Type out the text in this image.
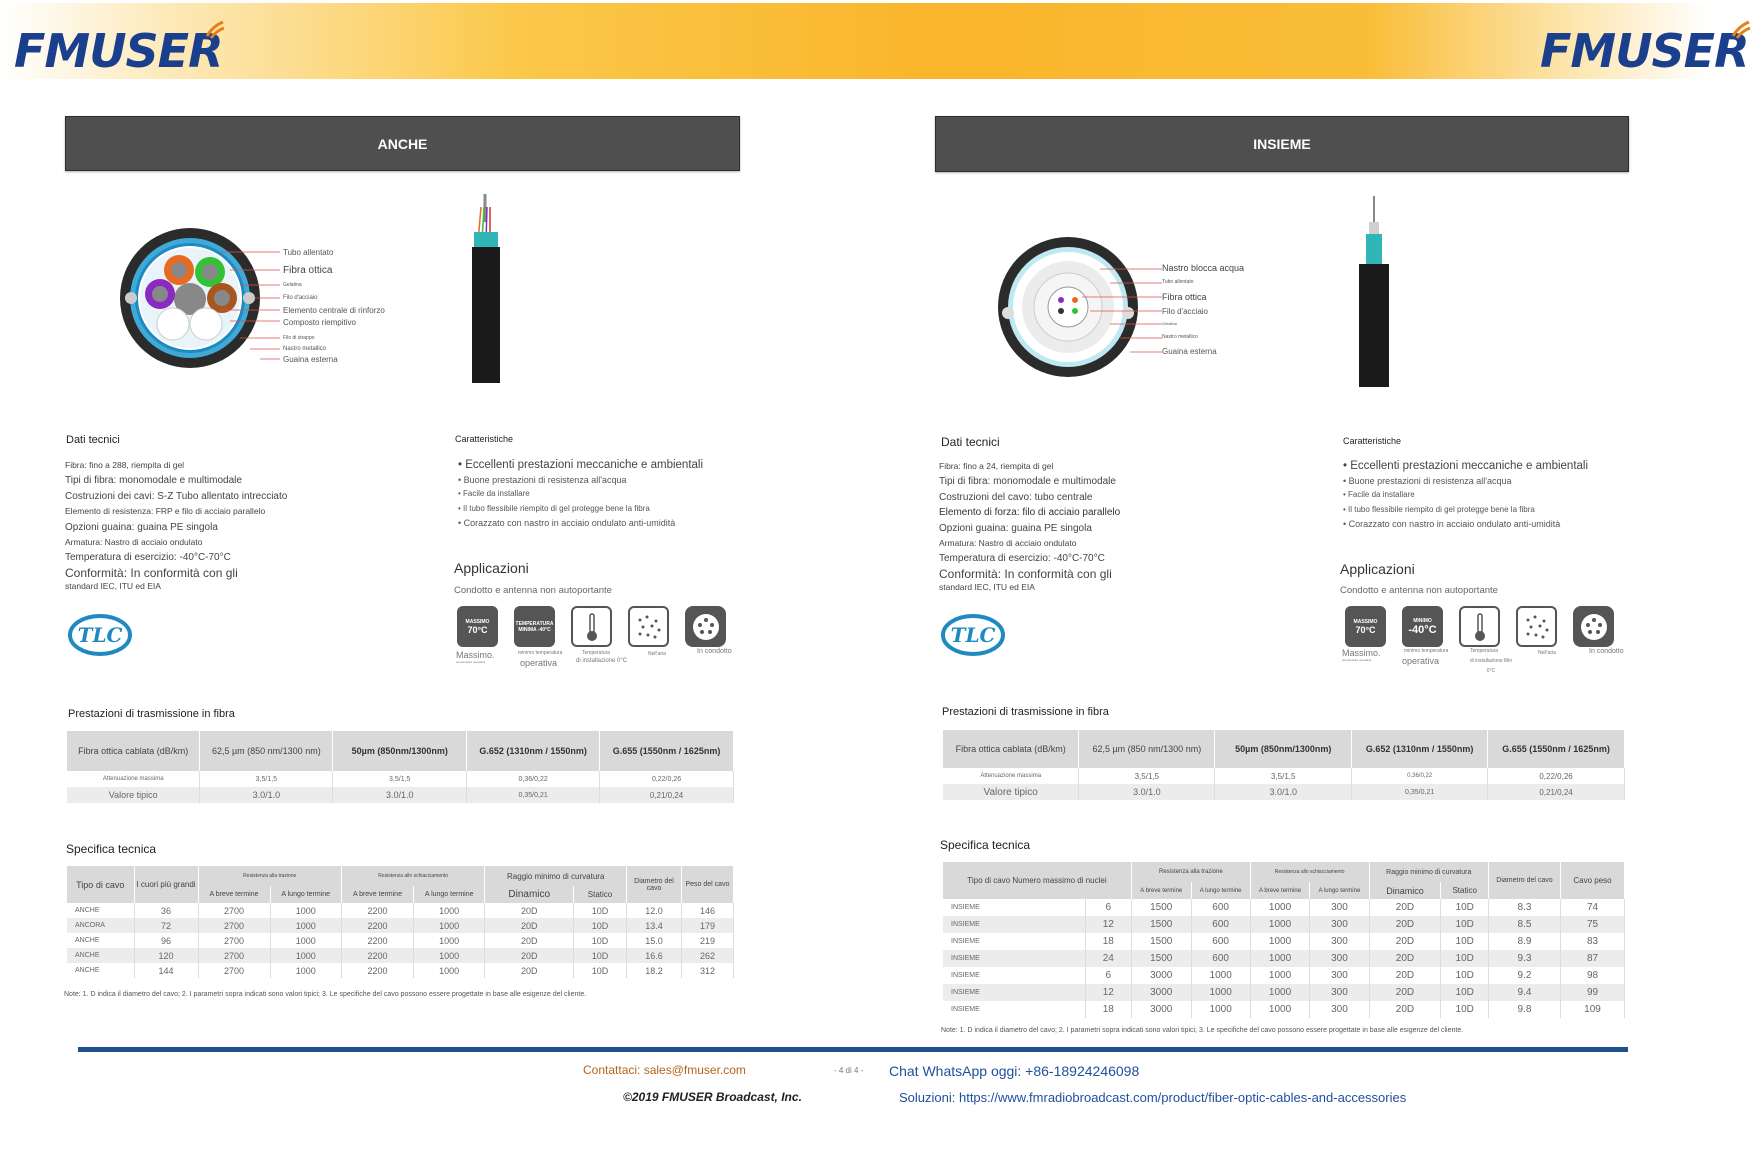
FMUSER	FMUSER
ANCHE
Tubo allentato
Fibra ottica
Gelatina
Filo d'acciaio
Elemento centrale di rinforzo
Composto riempitivo
Filo di strappo
Nastro metallico
Guaina esterna
Dati tecnici
Fibra: fino a 288, riempita di gel
Tipi di fibra: monomodale e multimodale
Costruzioni dei cavi: S-Z Tubo allentato intrecciato
Elemento di resistenza: FRP e filo di acciaio parallelo
Opzioni guaina: guaina PE singola
Armatura: Nastro di acciaio ondulato
Temperatura di esercizio: -40°C-70°C
Conformità: In conformità con gli
standard IEC, ITU ed EIA
Caratteristiche
• Eccellenti prestazioni meccaniche e ambientali
• Buone prestazioni di resistenza all'acqua
• Facile da installare
• Il tubo flessibile riempito di gel protegge bene la fibra
• Corazzato con nastro in acciaio ondulato anti-umidità
Applicazioni
Condotto e antenna non autoportante
TLC
MASSIMO
70°C
TEMPERATURA
MINIMA -40°C
Massimo.
temperatura operativa
minimo temperatura
operativa
Temperatura
di installazione 0°C
Nell'aria	In condotto
Prestazioni di trasmissione in fibra
Fibra ottica cablata (dB/km)	62,5 µm (850 nm/1300 nm)	50µm (850nm/1300nm)	G.652 (1310nm / 1550nm)	G.655 (1550nm / 1625nm)
Attenuazione massima	3,5/1,5	3,5/1,5	0,36/0,22	0,22/0,26
Valore tipico	3.0/1.0	3.0/1.0	0,35/0,21	0,21/0,24
Specifica tecnica
Tipo di cavo	I cuori più grandi	Resistenza alla trazione		Resistenza allo schiacciamento		Raggio minimo di curvatura		Diametro del cavo	Peso del cavo
		A breve termine	A lungo termine	A breve termine	A lungo termine	Dinamico	Statico		
ANCHE	36	2700	1000	2200	1000	20D	10D	12.0	146
ANCORA	72	2700	1000	2200	1000	20D	10D	13.4	179
ANCHE	96	2700	1000	2200	1000	20D	10D	15.0	219
ANCHE	120	2700	1000	2200	1000	20D	10D	16.6	262
ANCHE	144	2700	1000	2200	1000	20D	10D	18.2	312
Note: 1. D indica il diametro del cavo; 2. I parametri sopra indicati sono valori tipici; 3. Le specifiche del cavo possono essere progettate in base alle esigenze del cliente.
INSIEME
Nastro blocca acqua
Tubo allentato
Fibra ottica
Filo d'acciaio
Gelatina
Nastro metallico
Guaina esterna
Dati tecnici
Fibra: fino a 24, riempita di gel
Tipi di fibra: monomodale e multimodale
Costruzioni del cavo: tubo centrale
Elemento di forza: filo di acciaio parallelo
Opzioni guaina: guaina PE singola
Armatura: Nastro di acciaio ondulato
Temperatura di esercizio: -40°C-70°C
Conformità: In conformità con gli
standard IEC, ITU ed EIA
Caratteristiche
• Eccellenti prestazioni meccaniche e ambientali
• Buone prestazioni di resistenza all'acqua
• Facile da installare
• Il tubo flessibile riempito di gel protegge bene la fibra
• Corazzato con nastro in acciaio ondulato anti-umidità
Applicazioni
Condotto e antenna non autoportante
TLC
MASSIMO
70°C
MINIMO
-40°C
Massimo.
temperatura operativa
minimo temperatura
operativa
Temperatura
di installazione Min 0°C
Nell'aria	In condotto
Prestazioni di trasmissione in fibra
Fibra ottica cablata (dB/km)	62,5 µm (850 nm/1300 nm)	50µm (850nm/1300nm)	G.652 (1310nm / 1550nm)	G.655 (1550nm / 1625nm)
Attenuazione massima	3,5/1,5	3,5/1,5	0,36/0,22	0,22/0,26
Valore tipico	3.0/1.0	3.0/1.0	0,35/0,21	0,21/0,24
Specifica tecnica
Tipo di cavo Numero massimo di nuclei		Resistenza alla trazione		Resistenza allo schiacciamento		Raggio minimo di curvatura		Diametro del cavo	Cavo peso
		A breve termine	A lungo termine	A breve termine	A lungo termine	Dinamico	Statico		
INSIEME	6	1500	600	1000	300	20D	10D	8.3	74
INSIEME	12	1500	600	1000	300	20D	10D	8.5	75
INSIEME	18	1500	600	1000	300	20D	10D	8.9	83
INSIEME	24	1500	600	1000	300	20D	10D	9.3	87
INSIEME	6	3000	1000	1000	300	20D	10D	9.2	98
INSIEME	12	3000	1000	1000	300	20D	10D	9.4	99
INSIEME	18	3000	1000	1000	300	20D	10D	9.8	109
Note: 1. D indica il diametro del cavo; 2. I parametri sopra indicati sono valori tipici; 3. Le specifiche del cavo possono essere progettate in base alle esigenze del cliente.
Contattaci: sales@fmuser.com	- 4 di 4 - Chat WhatsApp oggi: +86-18924246098
©2019 FMUSER Broadcast, Inc.	Soluzioni: https://www.fmradiobroadcast.com/product/fiber-optic-cables-and-accessories
